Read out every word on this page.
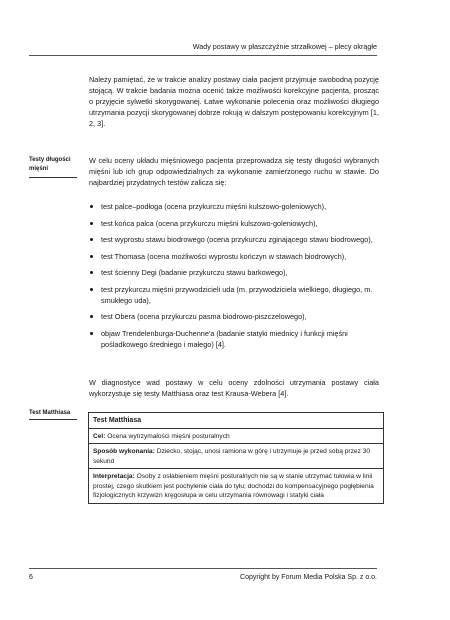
Wady postawy w płaszczyźnie strzałkowej – plecy okrągłe

Należy pamiętać, że w trakcie analizy postawy ciała pacjent przyjmuje swobodną pozycję stojącą. W trakcie badania można ocenić także możliwości korekcyjne pacjenta, prosząc o przyjęcie sylwetki skorygowanej. Łatwe wykonanie polecenia oraz możliwości długiego utrzymania pozycji skorygowanej dobrze rokują w dalszym postępowaniu korekcyjnym [1, 2, 3].

Testy długości mięśni

W celu oceny układu mięśniowego pacjenta przeprowadza się testy długości wybranych mięśni lub ich grup odpowiedzialnych za wykonanie zamierzonego ruchu w stawie. Do najbardziej przydatnych testów zalicza się:

test palce–podłoga (ocena przykurczu mięśni kulszowo-goleniowych),
test końca palca (ocena przykurczu mięśni kulszowo-goleniowych),
test wyprostu stawu biodrowego (ocena przykurczu zginającego stawu biodrowego),
test Thomasa (ocena możliwości wyprostu kończyn w stawach biodrowych),
test ścienny Degi (badanie przykurczu stawu barkowego),
test przykurczu mięśni przywodzicieli uda (m. przywodziciela wielkiego, długiego, m. smukłego uda),
test Obera (ocena przykurczu pasma biodrowo-piszczelowego),
objaw Trendelenburga-Duchenne'a (badanie statyki miednicy i funkcji mięśni pośladkowego średniego i małego) [4].

W diagnostyce wad postawy w celu oceny zdolności utrzymania postawy ciała wykorzystuje się testy Matthiasa oraz test Krausa-Webera [4].

Test Matthiasa
Test Matthiasa
Cel: Ocena wytrzymałości mięśni posturalnych
Sposób wykonania: Dziecko, stojąc, unosi ramiona w górę i utrzymuje je przed sobą przez 30 sekund
Interpretacja: Osoby z osłabieniem mięśni posturalnych nie są w stanie utrzymać tułowia w linii prostej, czego skutkiem jest pochylenie ciała do tyłu; dochodzi do kompensacyjnego pogłębienia fizjologicznych krzywizn kręgosłupa w celu utrzymania równowagi i statyki ciała
6	Copyright by Forum Media Polska Sp. z o.o.
